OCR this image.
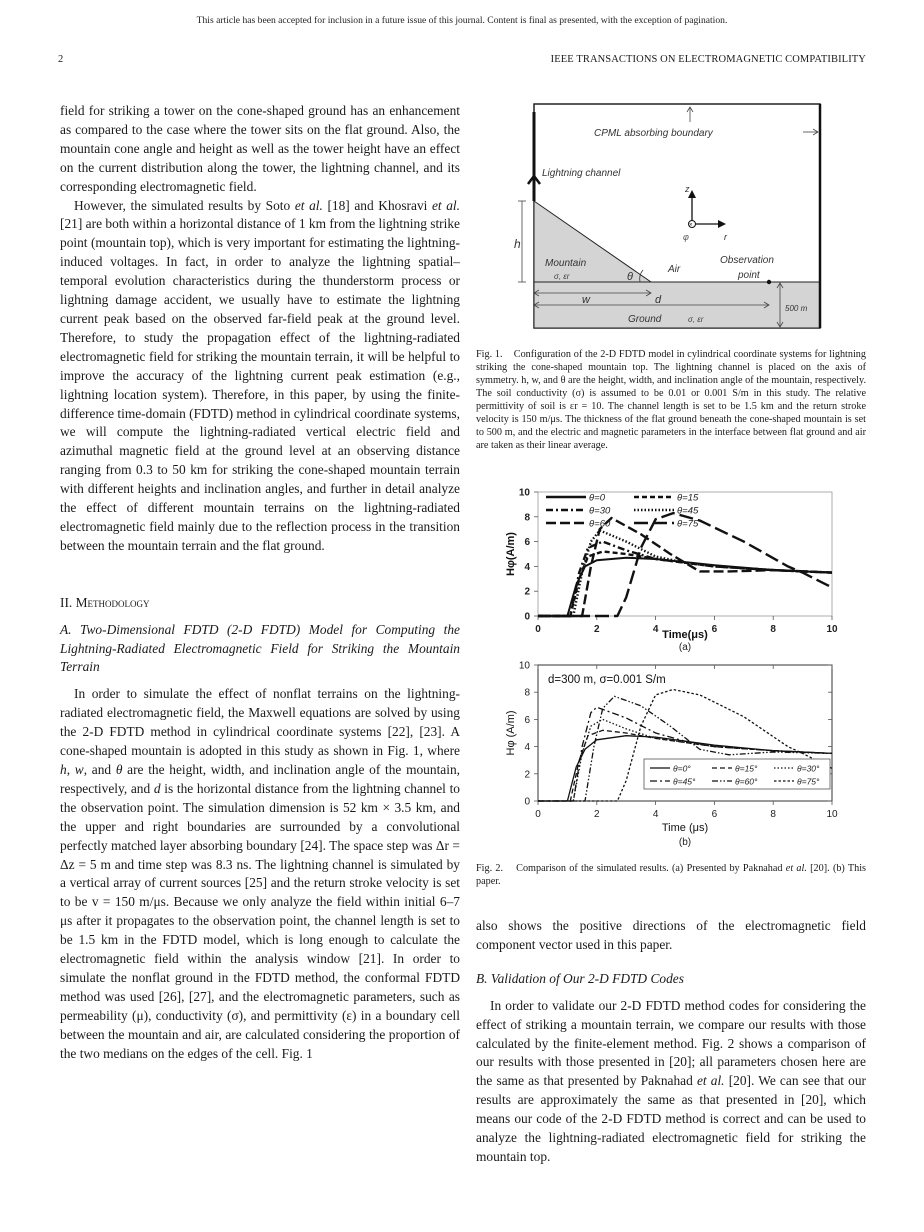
This article has been accepted for inclusion in a future issue of this journal. Content is final as presented, with the exception of pagination.
2	IEEE TRANSACTIONS ON ELECTROMAGNETIC COMPATIBILITY

field for striking a tower on the cone-shaped ground has an enhancement as compared to the case where the tower sits on the flat ground. Also, the mountain cone angle and height as well as the tower height have an effect on the current distribution along the tower, the lightning channel, and its corresponding electromagnetic field.

However, the simulated results by Soto et al. [18] and Khosravi et al. [21] are both within a horizontal distance of 1 km from the lightning strike point (mountain top), which is very important for estimating the lightning-induced voltages. In fact, in order to analyze the lightning spatial–temporal evolution characteristics during the thunderstorm process or lightning damage accident, we usually have to estimate the lightning current peak based on the observed far-field peak at the ground level. Therefore, to study the propagation effect of the lightning-radiated electromagnetic field for striking the mountain terrain, it will be helpful to improve the accuracy of the lightning current peak estimation (e.g., lightning location system). Therefore, in this paper, by using the finite-difference time-domain (FDTD) method in cylindrical coordinate systems, we will compute the lightning-radiated vertical electric field and azimuthal magnetic field at the ground level at an observing distance ranging from 0.3 to 50 km for striking the cone-shaped mountain terrain with different heights and inclination angles, and further in detail analyze the effect of different mountain terrains on the lightning-radiated electromagnetic field mainly due to the reflection process in the transition between the mountain terrain and the flat ground.

II. Methodology

A. Two-Dimensional FDTD (2-D FDTD) Model for Computing the Lightning-Radiated Electromagnetic Field for Striking the Mountain Terrain

In order to simulate the effect of nonflat terrains on the lightning-radiated electromagnetic field, the Maxwell equations are solved by using the 2-D FDTD method in cylindrical coordinate systems [22], [23]. A cone-shaped mountain is adopted in this study as shown in Fig. 1, where h, w, and θ are the height, width, and inclination angle of the mountain, respectively, and d is the horizontal distance from the lightning channel to the observation point. The simulation dimension is 52 km × 3.5 km, and the upper and right boundaries are surrounded by a convolutional perfectly matched layer absorbing boundary [24]. The space step was Δr = Δz = 5 m and time step was 8.3 ns. The lightning channel is simulated by a vertical array of current sources [25] and the return stroke velocity is set to be v = 150 m/μs. Because we only analyze the field within initial 6–7 μs after it propagates to the observation point, the channel length is set to be 1.5 km in the FDTD model, which is long enough to calculate the electromagnetic field within the analysis window [21]. In order to simulate the nonflat ground in the FDTD method, the conformal FDTD method was used [26], [27], and the electromagnetic parameters, such as permeability (μ), conductivity (σ), and permittivity (ε) in a boundary cell between the mountain and air, are calculated considering the proportion of the two medians on the edges of the cell. Fig. 1

CPML absorbing boundary
Lightning channel
h
×
z
r
φ
Mountain
σ, εr	θ
Air
Observation
point
w	d
500 m
Ground	σ, εr
Fig. 1. Configuration of the 2-D FDTD model in cylindrical coordinate systems for lightning striking the cone-shaped mountain top. The lightning channel is placed on the axis of symmetry. h, w, and θ are the height, width, and inclination angle of the mountain, respectively. The soil conductivity (σ) is assumed to be 0.01 or 0.001 S/m in this study. The relative permittivity of soil is εr = 10. The channel length is set to be 1.5 km and the return stroke velocity is 150 m/μs. The thickness of the flat ground beneath the cone-shaped mountain is set to 500 m, and the electric and magnetic parameters in the interface between flat ground and air are taken as their linear average.
0
2
4
6
8
10
0	2	4	6	8	10
Time(μs)
Hφ(A/m)
(a)
θ=0	θ=15
θ=30	θ=45
θ=60	θ=75
0
2
4
6
8
10
0	2	4	6	8	10
Time (μs)
Hφ (A/m)
(b)
d=300 m, σ=0.001 S/m
θ=0°	θ=15°	θ=30°
θ=45°	θ=60°	θ=75°
Fig. 2. Comparison of the simulated results. (a) Presented by Paknahad et al. [20]. (b) This paper.

also shows the positive directions of the electromagnetic field component vector used in this paper.

B. Validation of Our 2-D FDTD Codes

In order to validate our 2-D FDTD method codes for considering the effect of striking a mountain terrain, we compare our results with those calculated by the finite-element method. Fig. 2 shows a comparison of our results with those presented in [20]; all parameters chosen here are the same as that presented by Paknahad et al. [20]. We can see that our results are approximately the same as that presented in [20], which means our code of the 2-D FDTD method is correct and can be used to analyze the lightning-radiated electromagnetic field for striking the mountain top.
